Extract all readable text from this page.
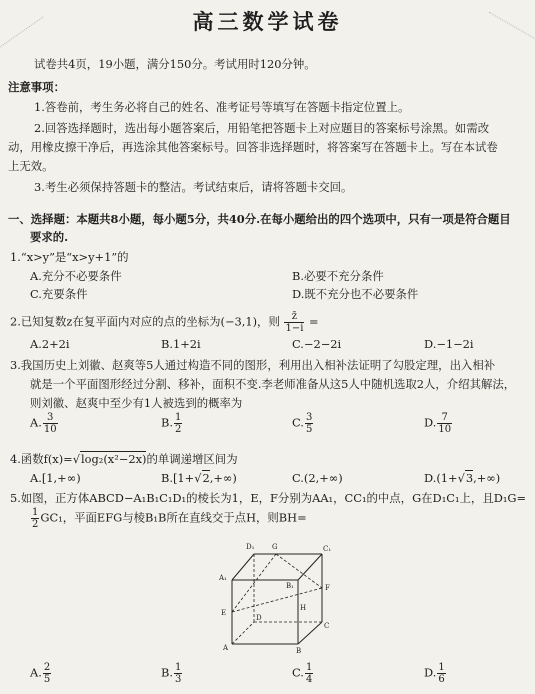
高三数学试卷
试卷共4页，19小题，满分150分。考试用时120分钟。
注意事项：
1.答卷前，考生务必将自己的姓名、准考证号等填写在答题卡指定位置上。
2.回答选择题时，选出每小题答案后，用铅笔把答题卡上对应题目的答案标号涂黑。如需改
动，用橡皮擦干净后，再选涂其他答案标号。回答非选择题时，将答案写在答题卡上。写在本试卷
上无效。
3.考生必须保持答题卡的整洁。考试结束后，请将答题卡交回。
一、选择题：本题共8小题，每小题5分，共40分.在每小题给出的四个选项中，只有一项是符合题目
要求的.
1.“x>y”是“x>y+1”的
A.充分不必要条件	B.必要不充分条件
C.充要条件	D.既不充分也不必要条件
2.已知复数z在复平面内对应的点的坐标为(−3,1)，则 $\frac{z̄}{1-i}$ =
A.2+2i	B.1+2i	C.−2−2i	D.−1−2i
3.我国历史上刘徽、赵爽等5人通过构造不同的图形，利用出入相补法证明了勾股定理，出入相补
就是一个平面图形经过分割、移补，面积不变.李老师准备从这5人中随机选取2人，介绍其解法，
则刘徽、赵爽中至少有1人被选到的概率为
A. $\frac{3}{10}$	B. $\frac{1}{2}$	C. $\frac{3}{5}$	D. $\frac{7}{10}$
4.函数f(x)=√log₂(x²−2x)的单调递增区间为
A.[1,+∞)	B.[1+√2,+∞)	C.(2,+∞)	D.(1+√3,+∞)
5.如图，正方体ABCD−A₁B₁C₁D₁的棱长为1，E，F分别为AA₁，CC₁的中点，G在D₁C₁上，且D₁G=
$\frac{1}{2} GC_1$，平面EFG与棱B₁B所在直线交于点H，则BH=
D₁	G	C₁
A₁
B₁
E
F
D
C
A	B
H
A. $\frac{2}{5}$	B. $\frac{1}{3}$	C. $\frac{1}{4}$	D. $\frac{1}{6}$
